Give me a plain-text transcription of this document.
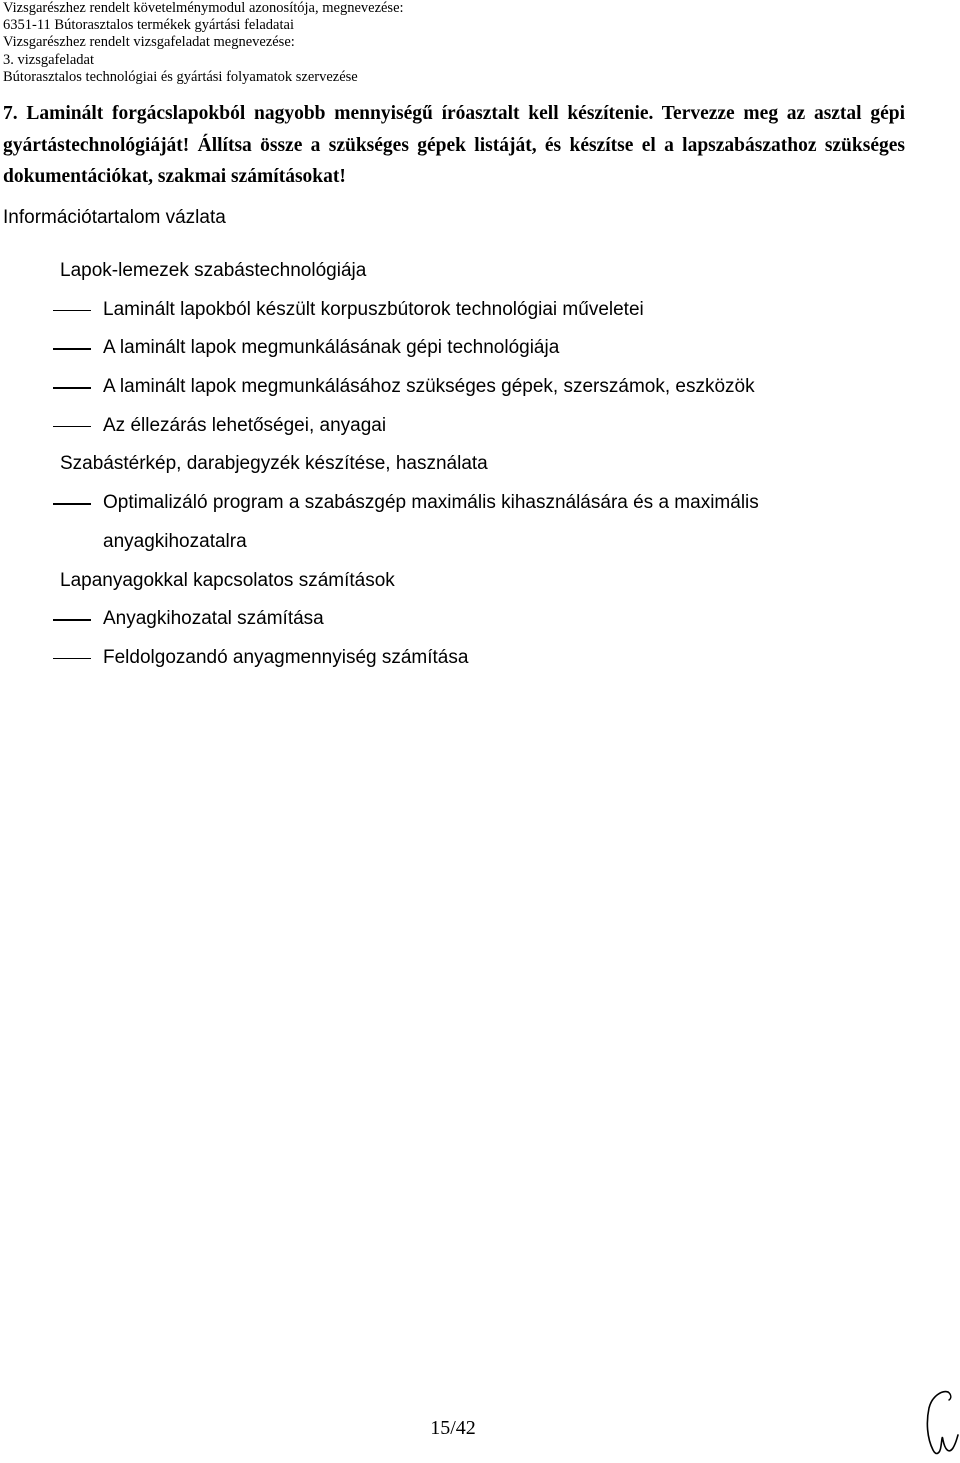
Vizsgarészhez rendelt követelménymodul azonosítója, megnevezése:
6351-11 Bútorasztalos termékek gyártási feladatai
Vizsgarészhez rendelt vizsgafeladat megnevezése:
3. vizsgafeladat
Bútorasztalos technológiai és gyártási folyamatok szervezése
7. Laminált forgácslapokból nagyobb mennyiségű íróasztalt kell készítenie. Tervezze meg az asztal gépi gyártástechnológiáját! Állítsa össze a szükséges gépek listáját, és készítse el a lapszabászathoz szükséges dokumentációkat, szakmai számításokat!
Információtartalom vázlata
Lapok-lemezek szabástechnológiája
Laminált lapokból készült korpuszbútorok technológiai műveletei
A laminált lapok megmunkálásának gépi technológiája
A laminált lapok megmunkálásához szükséges gépek, szerszámok, eszközök
Az éllezárás lehetőségei, anyagai
Szabástérkép, darabjegyzék készítése, használata
Optimalizáló program a szabászgép maximális kihasználására és a maximális
anyagkihozatalra
Lapanyagokkal kapcsolatos számítások
Anyagkihozatal számítása
Feldolgozandó anyagmennyiség számítása
15/42
